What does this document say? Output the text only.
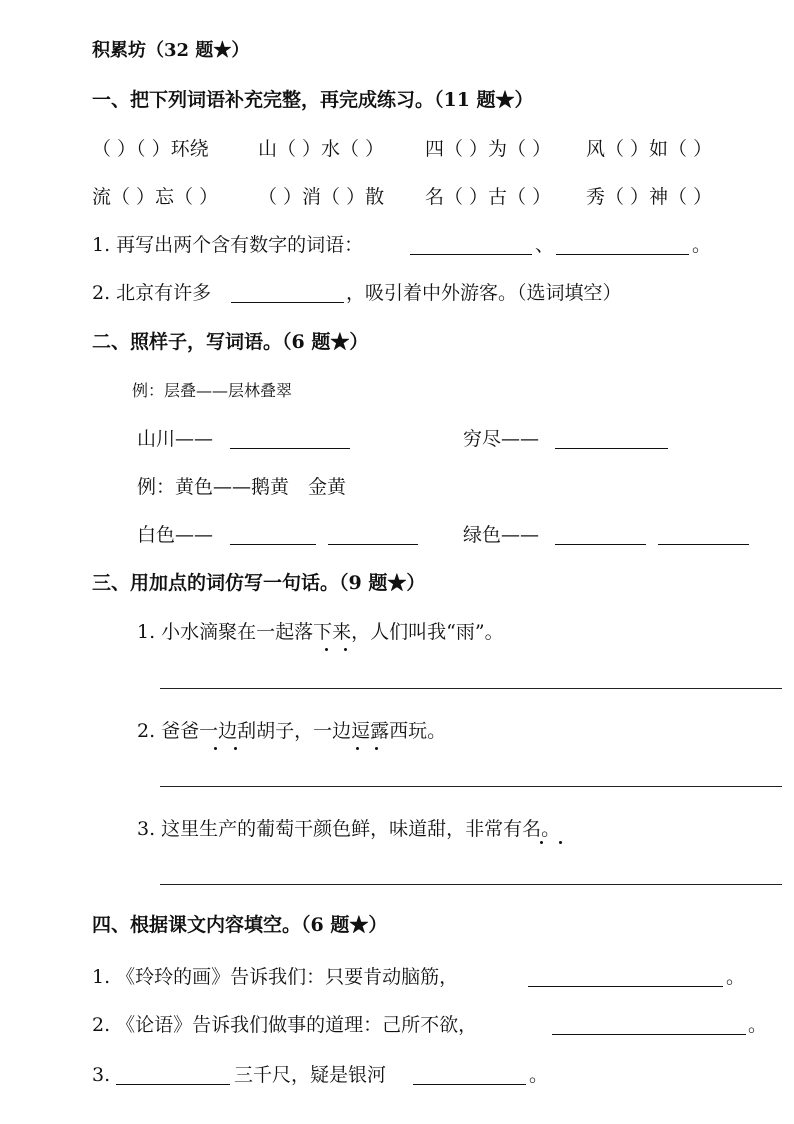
积累坊（32 题★）
一、把下列词语补充完整，再完成练习。（11 题★）
（ ）（ ）环绕	山（ ）水（ ） 四（ ）为（ ） 风（ ）如（ ）
流（ ）忘（ ） （ ）消（ ）散 名（ ）古（ ） 秀（ ）神（ ）
1. 再写出两个含有数字的词语：	、	。
2. 北京有许多	，吸引着中外游客。（选词填空）
二、照样子，写词语。（6 题★）
例：层叠——层林叠翠
山川——	穷尽——
例：黄色——鹅黄　金黄
白色——	绿色——
三、用加点的词仿写一句话。（9 题★）
1. 小水滴聚在一起落下来，人们叫我“雨”。
2. 爸爸一边刮胡子，一边逗露西玩。
3. 这里生产的葡萄干颜色鲜，味道甜，非常有名。
四、根据课文内容填空。（6 题★）
1. 《玲玲的画》告诉我们：只要肯动脑筋，	。
2. 《论语》告诉我们做事的道理：己所不欲，	。
3.	三千尺，疑是银河	。
